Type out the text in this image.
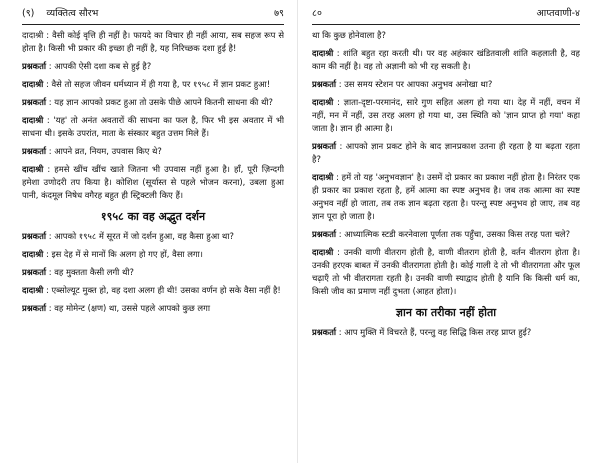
(९) व्यक्तित्व सौरभ	७९

दादाश्री : वैसी कोई वृत्ति ही नहीं है। फायदे का विचार ही नहीं आया, सब सहज रूप से होता है। किसी भी प्रकार की इच्छा ही नहीं है, यह निरिच्छक दशा हुई है!

प्रश्नकर्ता : आपकी ऐसी दशा कब से हुई है?

दादाश्री : वैसे तो सहज जीवन धर्मध्यान में ही गया है, पर १९५८ में ज्ञान प्रकट हुआ!

प्रश्नकर्ता : यह ज्ञान आपको प्रकट हुआ तो उसके पीछे आपने कितनी साधना की थी?

दादाश्री : 'यह' तो अनंत अवतारों की साधना का फल है, फिर भी इस अवतार में भी साधना थी। इसके उपरांत, माता के संस्कार बहुत उत्तम मिले हैं।

प्रश्नकर्ता : आपने व्रत, नियम, उपवास किए थे?

दादाश्री : हमसे खींच खींच खाते जितना भी उपवास नहीं हुआ है। हाँ, पूरी ज़िन्दगी हमेशा उणोदरी तप किया है। कोशिश (सूर्यास्त से पहले भोजन करना), उबला हुआ पानी, कंदमूल निषेध वगैरह बहुत ही स्ट्रिक्टली किए हैं।

१९५८ का वह अद्भुत दर्शन

प्रश्नकर्ता : आपको १९५८ में सूरत में जो दर्शन हुआ, वह कैसा हुआ था?

दादाश्री : इस देह में से मानों कि अलग हो गए हों, वैसा लगा।

प्रश्नकर्ता : वह मुक्तता कैसी लगी थी?

दादाश्री : एब्सोल्यूट मुक्त हो, वह दशा अलग ही थी! उसका वर्णन हो सके वैसा नहीं है!

प्रश्नकर्ता : वह मोमेन्ट (क्षण) था, उससे पहले आपको कुछ लगा

८०	आप्तवाणी-४

था कि कुछ होनेवाला है?

दादाश्री : शांति बहुत रहा करती थी। पर वह अहंकार खंडितवाली शांति कहलाती है, वह काम की नहीं है। वह तो अज्ञानी को भी रह सकती है।

प्रश्नकर्ता : उस समय स्टेशन पर आपका अनुभव अनोखा था?

दादाश्री : ज्ञाता-दृष्टा-परमानंद, सारे गुण सहित अलग हो गया था। देह में नहीं, वचन में नहीं, मन में नहीं, उस तरह अलग हो गया था, उस स्थिति को 'ज्ञान प्राप्त हो गया' कहा जाता है। ज्ञान ही आत्मा है।

प्रश्नकर्ता : आपको ज्ञान प्रकट होने के बाद ज्ञानप्रकाश उतना ही रहता है या बढ़ता रहता है?

दादाश्री : हमें तो यह 'अनुभवज्ञान' है। उसमें दो प्रकार का प्रकाश नहीं होता है। निरंतर एक ही प्रकार का प्रकाश रहता है, हमें आत्मा का स्पष्ट अनुभव है। जब तक आत्मा का स्पष्ट अनुभव नहीं हो जाता, तब तक ज्ञान बढ़ता रहता है। परन्तु स्पष्ट अनुभव हो जाए, तब वह ज्ञान पूरा हो जाता है।

प्रश्नकर्ता : आध्यात्मिक स्टडी करनेवाला पूर्णता तक पहुँचा, उसका किस तरह पता चले?

दादाश्री : उनकी वाणी वीतराग होती है, वाणी वीतराग होती है, वर्तन वीतराग होता है। उनकी हरएक बाबत में उनकी वीतरागता होती है। कोई गाली दे तो भी वीतरागता और फूल चढ़ाएँ तो भी वीतरागता रहती है। उनकी वाणी स्याद्वाद होती है यानि कि किसी धर्म का, किसी जीव का प्रमाण नहीं दुभता (आहत होता)।

ज्ञान का तरीका नहीं होता

प्रश्नकर्ता : आप मुक्ति में विचरते हैं, परन्तु वह सिद्धि किस तरह प्राप्त हुई?
